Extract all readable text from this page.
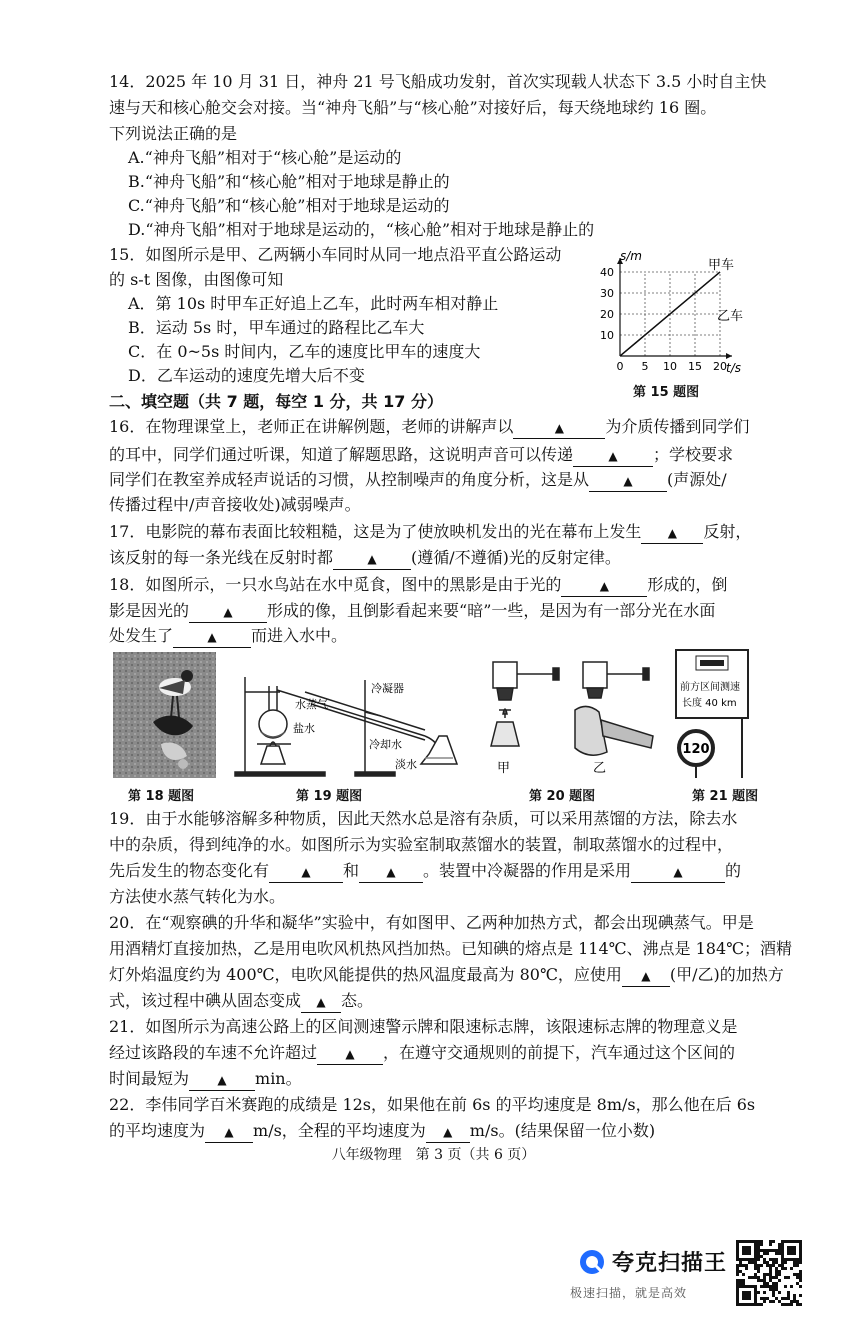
14．2025 年 10 月 31 日，神舟 21 号飞船成功发射，首次实现载人状态下 3.5 小时自主快
速与天和核心舱交会对接。当“神舟飞船”与“核心舱”对接好后，每天绕地球约 16 圈。
下列说法正确的是
A.“神舟飞船”相对于“核心舱”是运动的
B.“神舟飞船”和“核心舱”相对于地球是静止的
C.“神舟飞船”和“核心舱”相对于地球是运动的
D.“神舟飞船”相对于地球是运动的，“核心舱”相对于地球是静止的
15．如图所示是甲、乙两辆小车同时从同一地点沿平直公路运动
的 s-t 图像，由图像可知
A．第 10s 时甲车正好追上乙车，此时两车相对静止
B．运动 5s 时，甲车通过的路程比乙车大
C．在 0~5s 时间内，乙车的速度比甲车的速度大
D．乙车运动的速度先增大后不变	0 5 10 15 20
10
20
30
40
s/m
t/s
甲车
乙车
第 15 题图
二、填空题（共 7 题，每空 1 分，共 17 分）
16．在物理课堂上，老师正在讲解例题，老师的讲解声以	▲	为介质传播到同学们
的耳中，同学们通过听课，知道了解题思路，这说明声音可以传递	▲ ；学校要求
同学们在教室养成轻声说话的习惯，从控制噪声的角度分析，这是从	▲ (声源处/
传播过程中/声音接收处)减弱噪声。
17．电影院的幕布表面比较粗糙，这是为了使放映机发出的光在幕布上发生 ▲ 反射，
该反射的每一条光线在反射时都	▲ (遵循/不遵循)光的反射定律。
18．如图所示，一只水鸟站在水中觅食，图中的黑影是由于光的	▲ 形成的，倒
影是因光的	▲ 形成的像，且倒影看起来要“暗”一些，是因为有一部分光在水面
处发生了	▲ 而进入水中。
第 18 题图
冷凝器
水蒸气
盐水
冷却水
淡水
第 19 题图
甲	乙
第 20 题图
前方区间测速
长度 40 km
120
第 21 题图
19．由于水能够溶解多种物质，因此天然水总是溶有杂质，可以采用蒸馏的方法，除去水
中的杂质，得到纯净的水。如图所示为实验室制取蒸馏水的装置，制取蒸馏水的过程中，
先后发生的物态变化有	▲ 和 ▲ 。装置中冷凝器的作用是采用	▲	的
方法使水蒸气转化为水。
20．在“观察碘的升华和凝华”实验中，有如图甲、乙两种加热方式，都会出现碘蒸气。甲是
用酒精灯直接加热，乙是用电吹风机热风挡加热。已知碘的熔点是 114℃、沸点是 184℃；酒精
灯外焰温度约为 400℃，电吹风能提供的热风温度最高为 80℃，应使用 ▲ (甲/乙)的加热方
式，该过程中碘从固态变成 ▲ 态。
21．如图所示为高速公路上的区间测速警示牌和限速标志牌，该限速标志牌的物理意义是
经过该路段的车速不允许超过 ▲ ，在遵守交通规则的前提下，汽车通过这个区间的
时间最短为 ▲ min。
22．李伟同学百米赛跑的成绩是 12s，如果他在前 6s 的平均速度是 8m/s，那么他在后 6s
的平均速度为 ▲ m/s，全程的平均速度为 ▲ m/s。(结果保留一位小数)
八年级物理　第 3 页（共 6 页）
夸克扫描王
极速扫描，就是高效
